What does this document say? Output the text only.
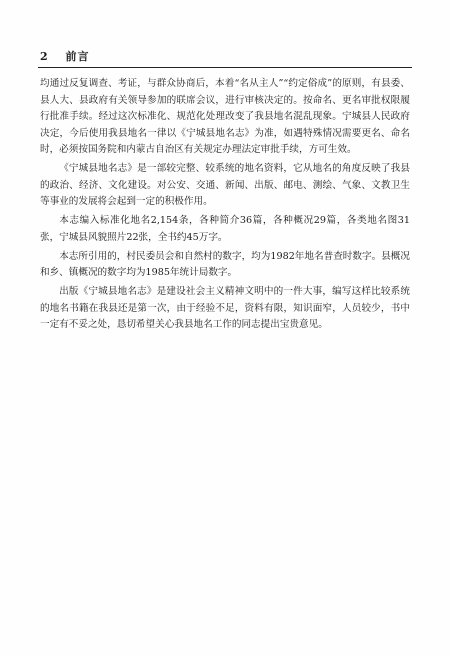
2 前言

均通过反复调查、考证，与群众协商后，本着“名从主人”“约定俗成”的原则，有县委、县人大、县政府有关领导参加的联席会议，进行审核决定的。按命名、更名审批权限履行批准手续。经过这次标准化、规范化处理改变了我县地名混乱现象。宁城县人民政府决定，今后使用我县地名一律以《宁城县地名志》为准，如遇特殊情况需要更名、命名时，必须按国务院和内蒙古自治区有关规定办理法定审批手续，方可生效。

《宁城县地名志》是一部较完整、较系统的地名资料，它从地名的角度反映了我县的政治、经济、文化建设。对公安、交通、新闻、出版、邮电、测绘、气象、文教卫生等事业的发展将会起到一定的积极作用。

本志编入标准化地名2,154条，各种简介36篇，各种概况29篇，各类地名图31张，宁城县风貌照片22张，全书约45万字。

本志所引用的，村民委员会和自然村的数字，均为1982年地名普查时数字。县概况和乡、镇概况的数字均为1985年统计局数字。

出版《宁城县地名志》是建设社会主义精神文明中的一件大事，编写这样比较系统的地名书籍在我县还是第一次，由于经验不足，资料有限，知识面窄，人员较少，书中一定有不妥之处，恳切希望关心我县地名工作的同志提出宝贵意见。
